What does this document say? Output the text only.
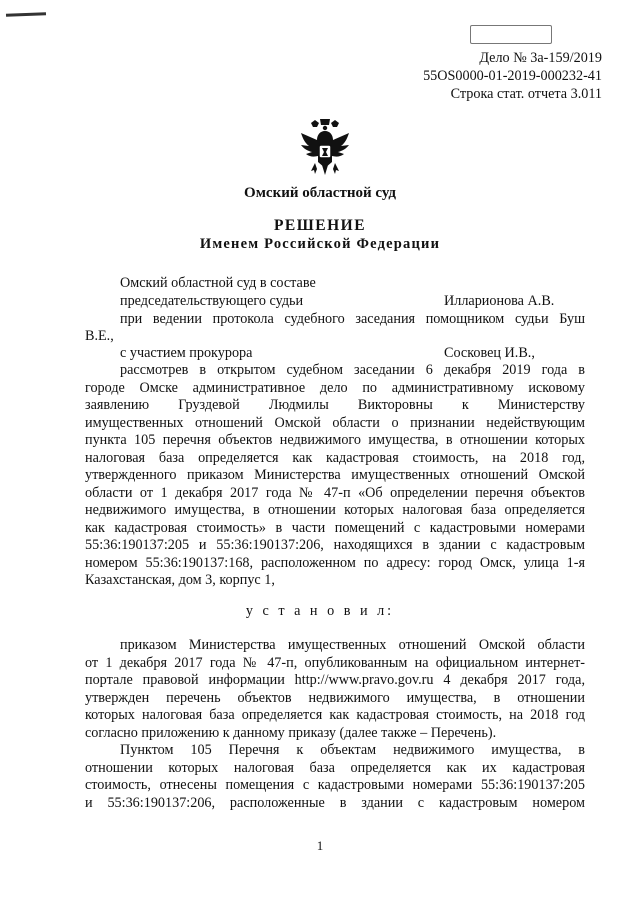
Дело № 3а-159/2019
55OS0000-01-2019-000232-41
Строка стат. отчета 3.011
Омский областной суд
РЕШЕНИЕ
Именем Российской Федерации
Омский областной суд в составе
председательствующего судьи	Илларионова А.В.
при ведении протокола судебного заседания помощником судьи Буш
В.Е.,
с участием прокурора	Сосковец И.В.,
рассмотрев в открытом судебном заседании 6 декабря 2019 года в
городе Омске административное дело по административному исковому
заявлению Груздевой Людмилы Викторовны к Министерству
имущественных отношений Омской области о признании недействующим
пункта 105 перечня объектов недвижимого имущества, в отношении которых
налоговая база определяется как кадастровая стоимость, на 2018 год,
утвержденного приказом Министерства имущественных отношений Омской
области от 1 декабря 2017 года № 47-п «Об определении перечня объектов
недвижимого имущества, в отношении которых налоговая база определяется
как кадастровая стоимость» в части помещений с кадастровыми номерами
55:36:190137:205 и 55:36:190137:206, находящихся в здании с кадастровым
номером 55:36:190137:168, расположенном по адресу: город Омск, улица 1-я
Казахстанская, дом 3, корпус 1,
у с т а н о в и л:
приказом Министерства имущественных отношений Омской области
от 1 декабря 2017 года № 47-п, опубликованным на официальном интернет-
портале правовой информации http://www.pravo.gov.ru 4 декабря 2017 года,
утвержден перечень объектов недвижимого имущества, в отношении
которых налоговая база определяется как кадастровая стоимость, на 2018 год
согласно приложению к данному приказу (далее также – Перечень).
Пунктом 105 Перечня к объектам недвижимого имущества, в
отношении которых налоговая база определяется как их кадастровая
стоимость, отнесены помещения с кадастровыми номерами 55:36:190137:205
и 55:36:190137:206, расположенные в здании с кадастровым номером
1
